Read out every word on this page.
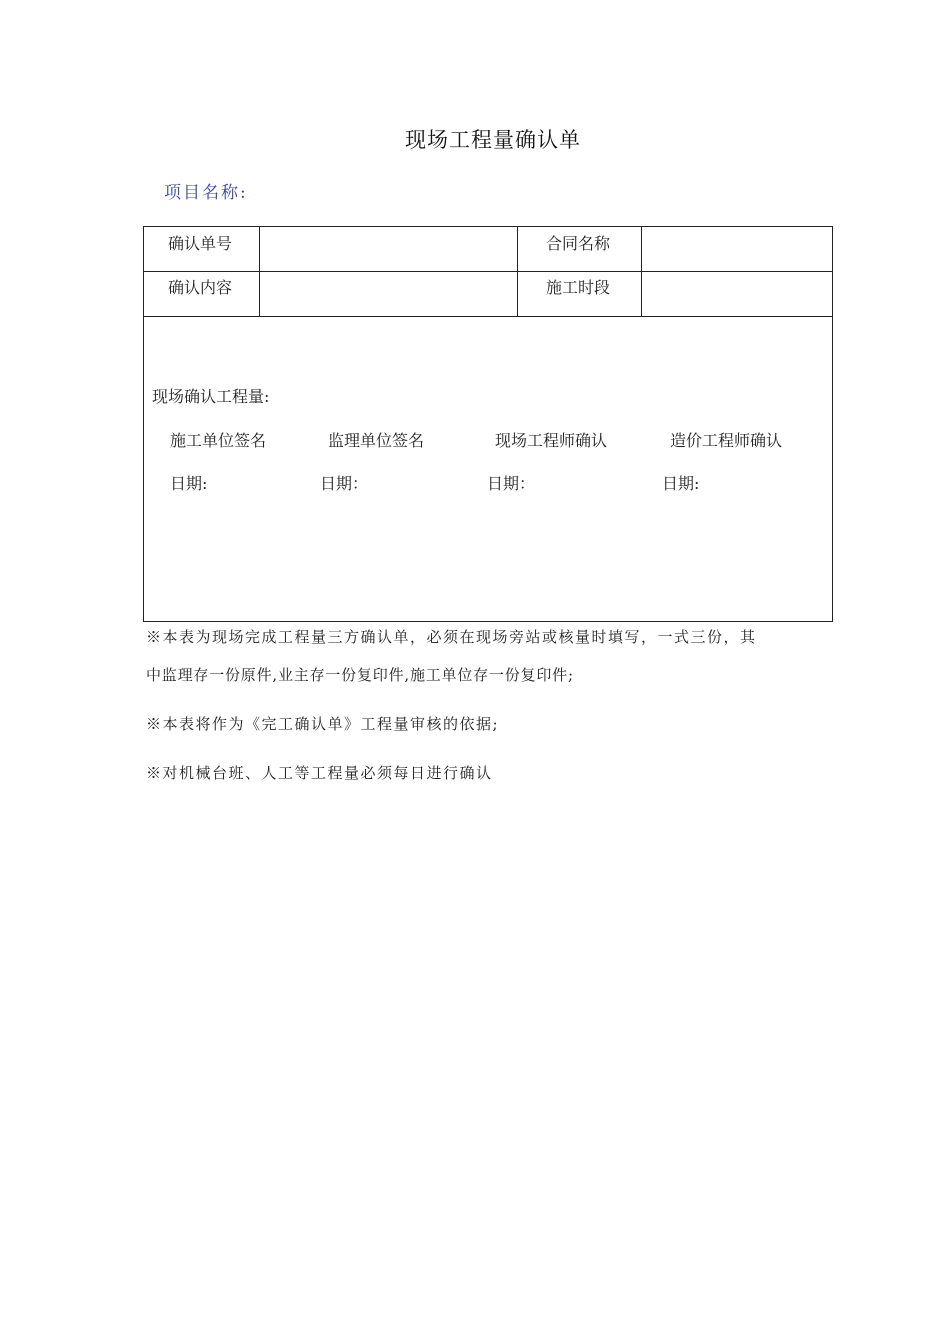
现场工程量确认单
项目名称:
确认单号	合同名称
确认内容	施工时段
现场确认工程量:
施工单位签名	监理单位签名	现场工程师确认	造价工程师确认
日期:	日期：	日期：	日期:
※本表为现场完成工程量三方确认单，必须在现场旁站或核量时填写，一式三份，其
中监理存一份原件,业主存一份复印件,施工单位存一份复印件;
※本表将作为《完工确认单》工程量审核的依据;
※对机械台班、人工等工程量必须每日进行确认
